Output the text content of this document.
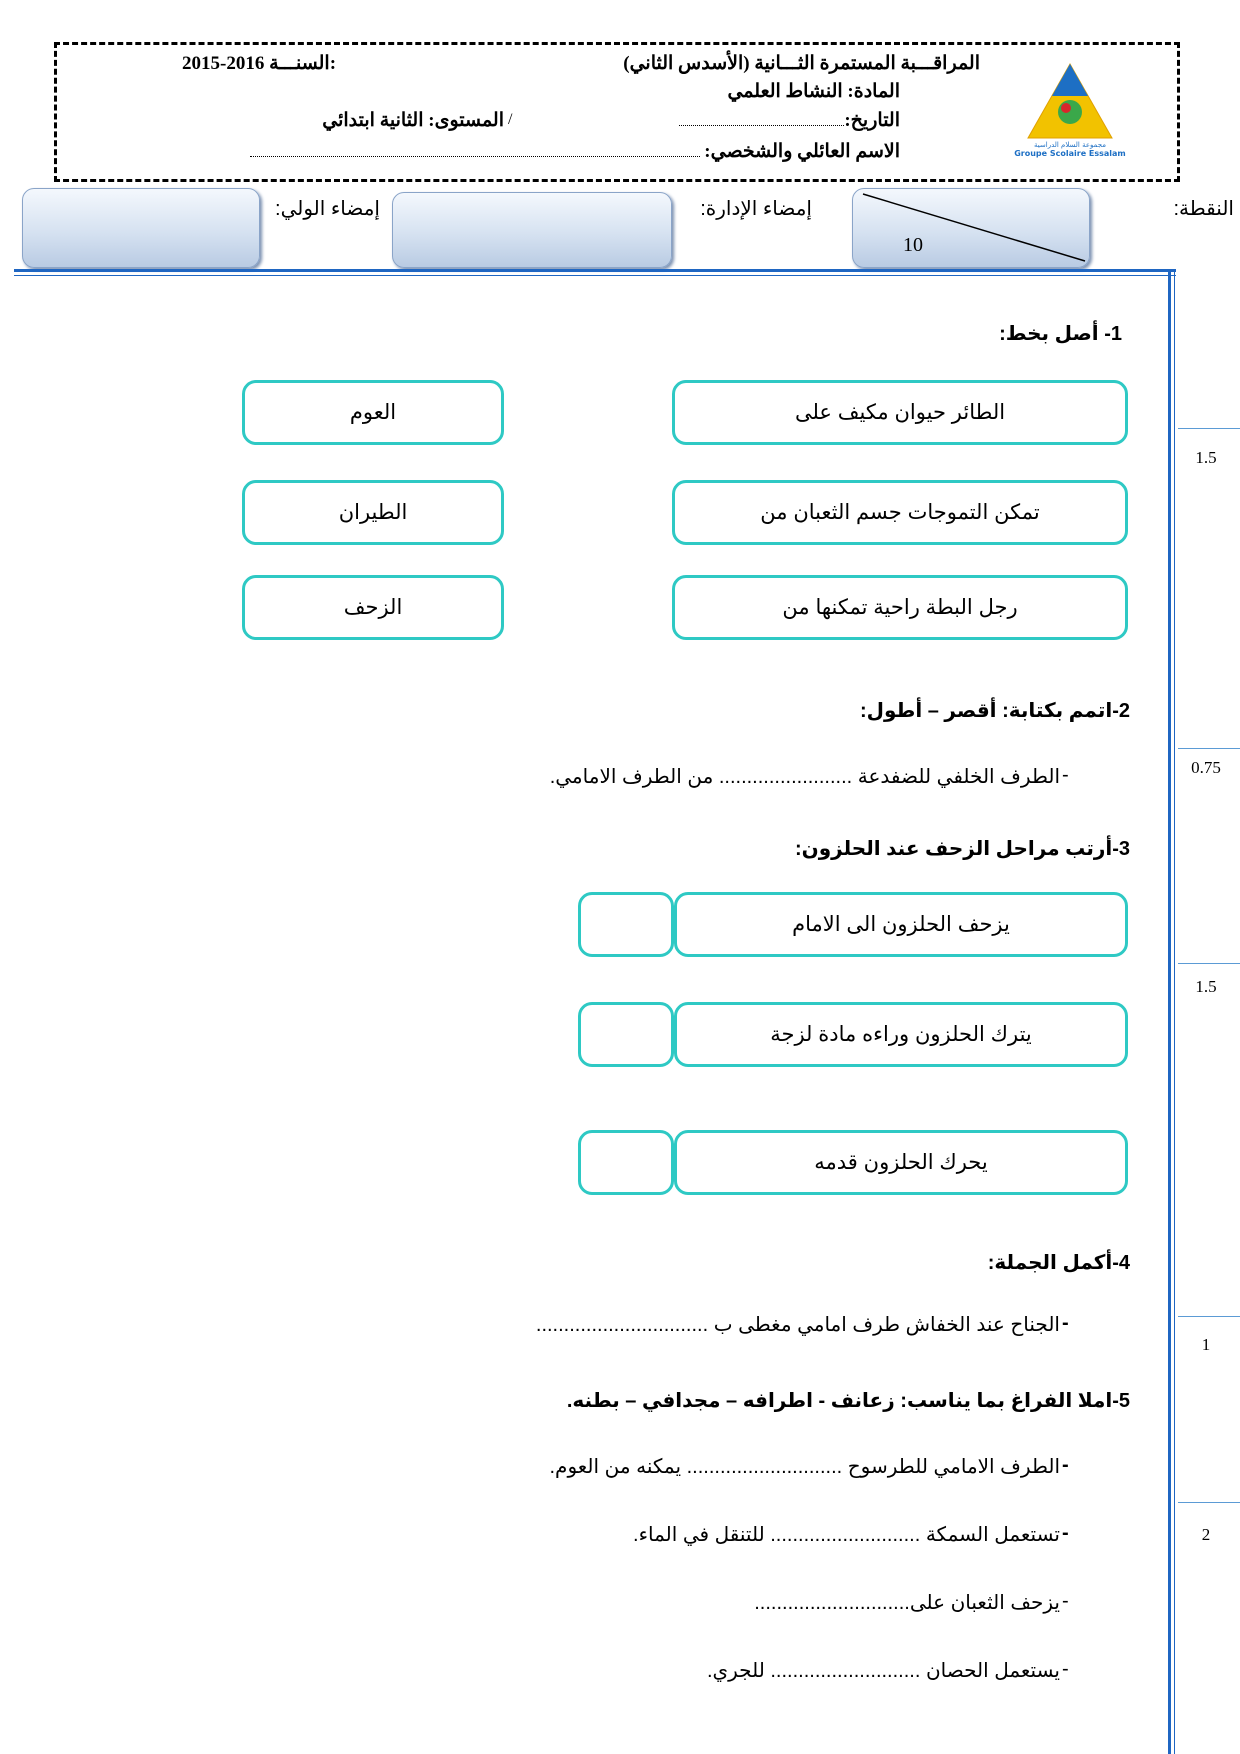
مجموعة السلام الدراسية
Groupe Scolaire Essalam
المراقـــبة المستمرة الثـــانية (الأسدس الثاني)
2015-2016 السنـــة:
المادة: النشاط العلمي
التاريخ:
/
المستوى: الثانية ابتدائي
الاسم العائلي والشخصي:
النقطة:
10
إمضاء الإدارة:
إمضاء الولي:
1.5
0.75
1.5
1
2
1- أصل بخط:
الطائر حيوان مكيف على
تمكن التموجات جسم الثعبان من
رجل البطة راحية تمكنها من
العوم
الطيران
الزحف
2-اتمم بكتابة: أقصر – أطول:
-
الطرف الخلفي للضفدعة ........................ من الطرف الامامي.
3-أرتب مراحل الزحف عند الحلزون:
يزحف الحلزون الى الامام
يترك الحلزون وراءه مادة لزجة
يحرك الحلزون قدمه
4-أكمل الجملة:
-
الجناح عند الخفاش طرف امامي مغطى ب ...............................
5-املا الفراغ بما يناسب: زعانف - اطرافه – مجدافي – بطنه.
-
الطرف الامامي للطرسوح ............................ يمكنه من العوم.
-
تستعمل السمكة ........................... للتنقل في الماء.
-
يزحف الثعبان على............................
-
يستعمل الحصان ........................... للجري.
